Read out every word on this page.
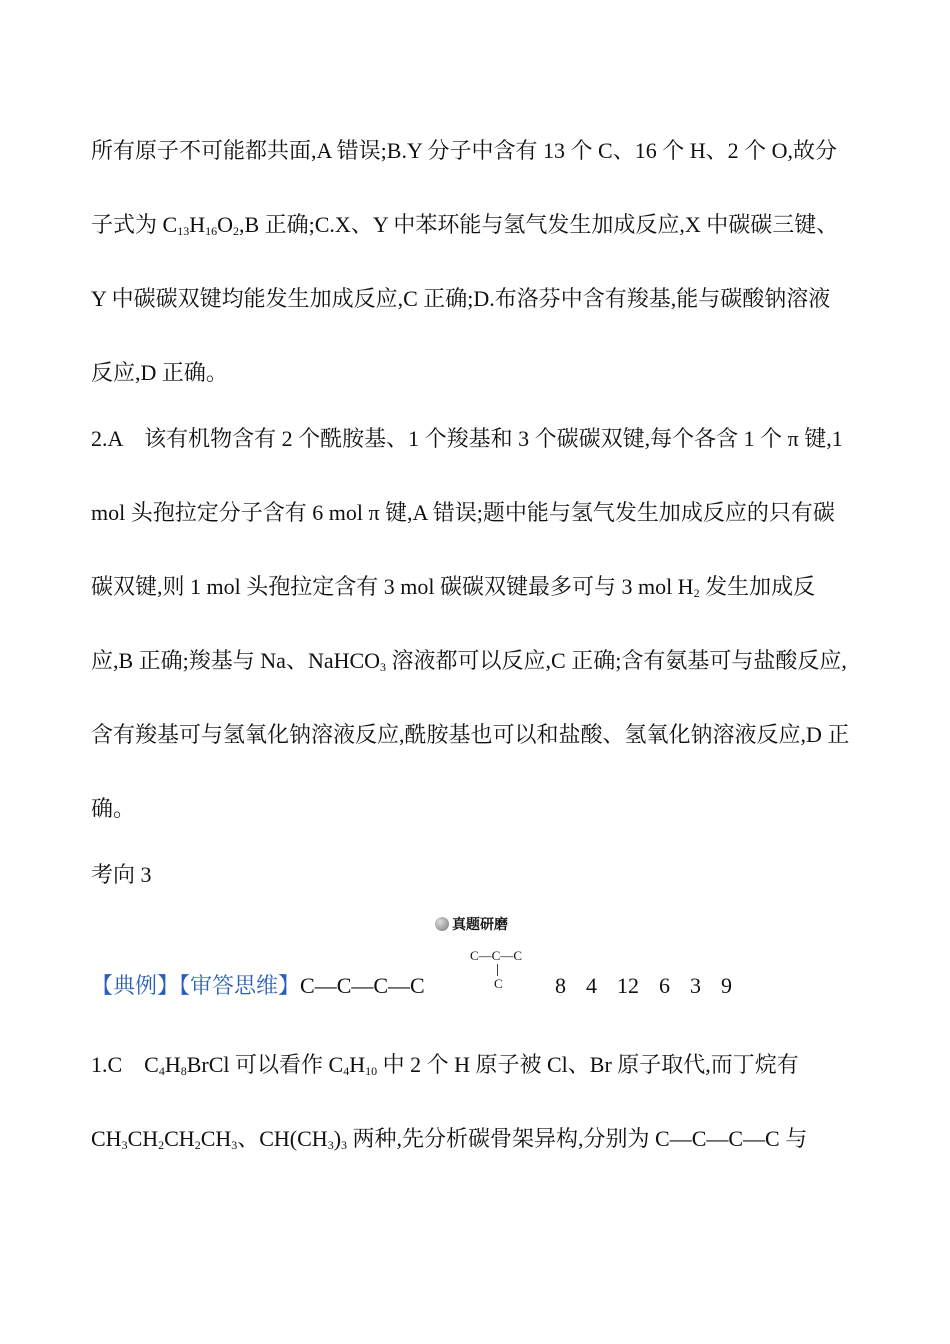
所有原子不可能都共面,A 错误;B.Y 分子中含有 13 个 C、16 个 H、2 个 O,故分
子式为 $C_{13}H_{16}O_2,B$ 正确;C.X、Y 中苯环能与氢气发生加成反应,X 中碳碳三键、
Y 中碳碳双键均能发生加成反应,C 正确;D.布洛芬中含有羧基,能与碳酸钠溶液
反应,D 正确。
2.A　该有机物含有 2 个酰胺基、1 个羧基和 3 个碳碳双键,每个各含 1 个 π 键,1
mol 头孢拉定分子含有 6 mol π 键,A 错误;题中能与氢气发生加成反应的只有碳
碳双键,则 1 mol 头孢拉定含有 3 mol 碳碳双键最多可与 3 mol $H_2$ 发生加成反
应,B 正确;羧基与 Na、NaHCO$_3$ 溶液都可以反应,C 正确;含有氨基可与盐酸反应,
含有羧基可与氢氧化钠溶液反应,酰胺基也可以和盐酸、氢氧化钠溶液反应,D 正
确。
考向 3
真题研磨
【典例】【审答思维】C—C—C—C
C—C—C
C 8 4 12 6 3 9
1.C　$C_4H_8BrCl$ 可以看作 $C_4H_{10}$ 中 2 个 H 原子被 Cl、Br 原子取代,而丁烷有
$CH_3CH_2CH_2CH_3$、$CH(CH_3)_3$ 两种,先分析碳骨架异构,分别为 C—C—C—C 与
